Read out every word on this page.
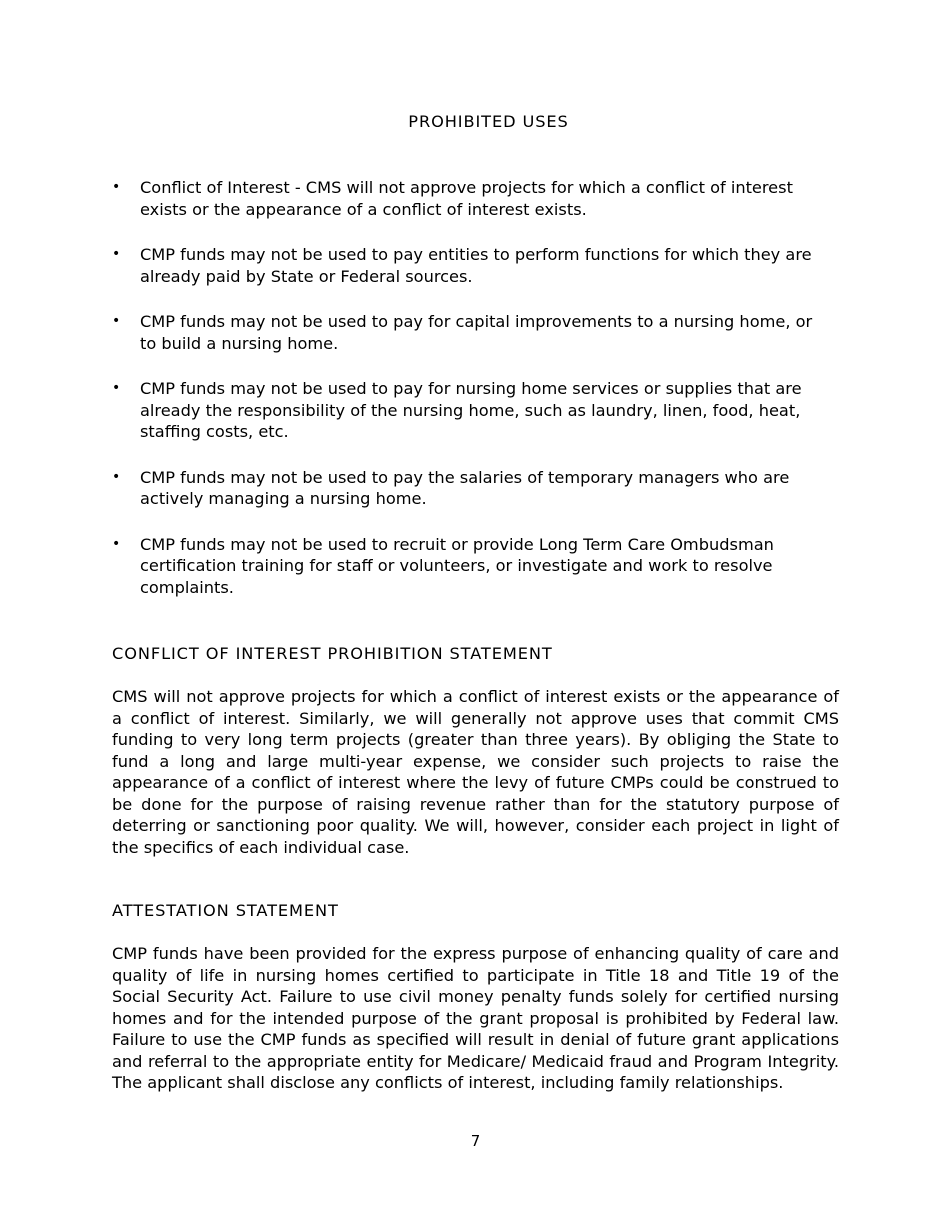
PROHIBITED USES
• Conflict of Interest - CMS will not approve projects for which a conflict of interest exists or the appearance of a conflict of interest exists.
• CMP funds may not be used to pay entities to perform functions for which they are already paid by State or Federal sources.
• CMP funds may not be used to pay for capital improvements to a nursing home, or to build a nursing home.
• CMP funds may not be used to pay for nursing home services or supplies that are already the responsibility of the nursing home, such as laundry, linen, food, heat, staffing costs, etc.
• CMP funds may not be used to pay the salaries of temporary managers who are actively managing a nursing home.
• CMP funds may not be used to recruit or provide Long Term Care Ombudsman certification training for staff or volunteers, or investigate and work to resolve complaints.
CONFLICT OF INTEREST PROHIBITION STATEMENT
CMS will not approve projects for which a conflict of interest exists or the appearance of a conflict of interest. Similarly, we will generally not approve uses that commit CMS funding to very long term projects (greater than three years). By obliging the State to fund a long and large multi-year expense, we consider such projects to raise the appearance of a conflict of interest where the levy of future CMPs could be construed to be done for the purpose of raising revenue rather than for the statutory purpose of deterring or sanctioning poor quality. We will, however, consider each project in light of the specifics of each individual case.
ATTESTATION STATEMENT
CMP funds have been provided for the express purpose of enhancing quality of care and quality of life in nursing homes certified to participate in Title 18 and Title 19 of the Social Security Act. Failure to use civil money penalty funds solely for certified nursing homes and for the intended purpose of the grant proposal is prohibited by Federal law. Failure to use the CMP funds as specified will result in denial of future grant applications and referral to the appropriate entity for Medicare/ Medicaid fraud and Program Integrity. The applicant shall disclose any conflicts of interest, including family relationships.
7
